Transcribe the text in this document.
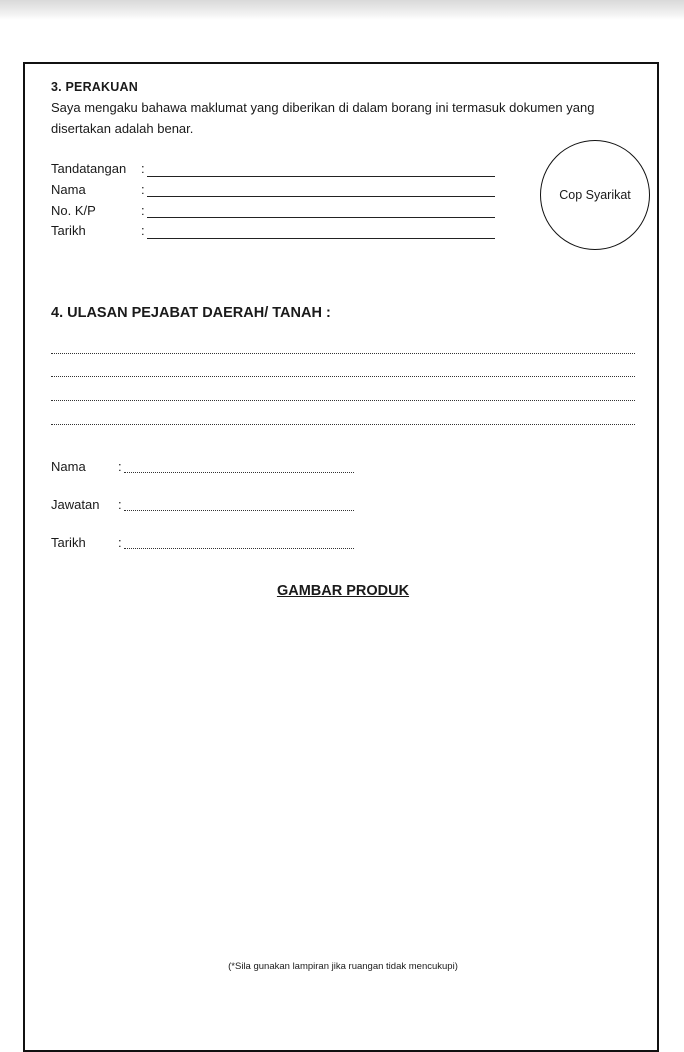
3. PERAKUAN
Saya mengaku bahawa maklumat yang diberikan di dalam borang ini termasuk dokumen yang disertakan adalah benar.
Tandatangan :
Nama	:
No. K/P	:
Tarikh	:
Cop Syarikat
4. ULASAN PEJABAT DAERAH/ TANAH :
Nama :
Jawatan :
Tarikh :
GAMBAR PRODUK
(*Sila gunakan lampiran jika ruangan tidak mencukupi)
